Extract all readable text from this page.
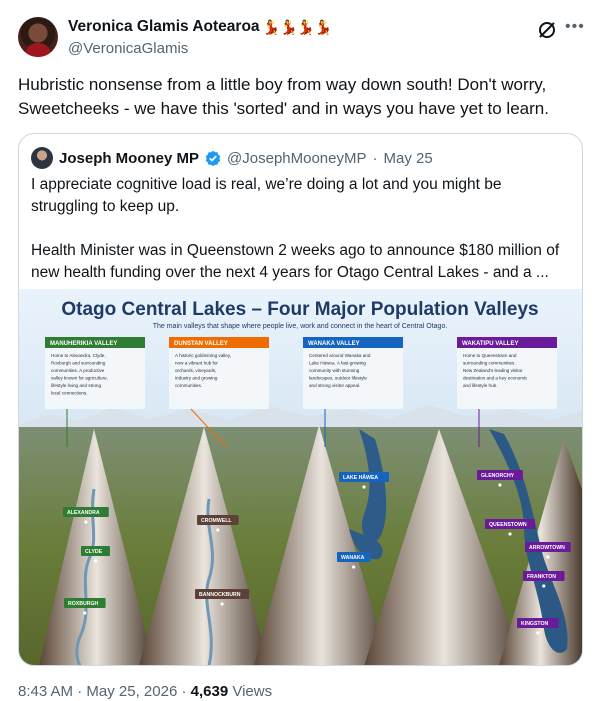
Veronica Glamis Aotearoa 💃💃💃💃
@VeronicaGlamis
•••

Hubristic nonsense from a little boy from way down south! Don't worry, Sweetcheeks - we have this 'sorted' and in ways you have yet to learn.

Joseph Mooney MP @JosephMooneyMP · May 25

I appreciate cognitive load is real, we’re doing a lot and you might be struggling to keep up.

Health Minister was in Queenstown 2 weeks ago to announce $180 million of new health funding over the next 4 years for Otago Central Lakes - and a ...

Otago Central Lakes – Four Major Population Valleys
The main valleys that shape where people live, work and connect in the heart of Central Otago.
MANUHERIKIA VALLEY
Home to Alexandra, Clyde,
Roxburgh and surrounding
communities. A productive
valley known for agriculture,
lifestyle living and strong
local connections.
DUNSTAN VALLEY
A historic goldmining valley,
now a vibrant hub for
orchards, vineyards,
industry and growing
communities.
WANAKA VALLEY
Centered around Wanaka and
Lake Hāwea. A fast-growing
community with stunning
landscapes, outdoor lifestyle
and strong visitor appeal.
WAKATIPU VALLEY
Home to Queenstown and
surrounding communities.
New Zealand's leading visitor
destination and a key economic
and lifestyle hub.
ALEXANDRA
CLYDE
ROXBURGH
CROMWELL
BANNOCKBURN
LAKE HĀWEA
WANAKA
GLENORCHY
QUEENSTOWN
ARROWTOWN
FRANKTON
KINGSTON
8:43 AM · May 25, 2026 · 4,639 Views
